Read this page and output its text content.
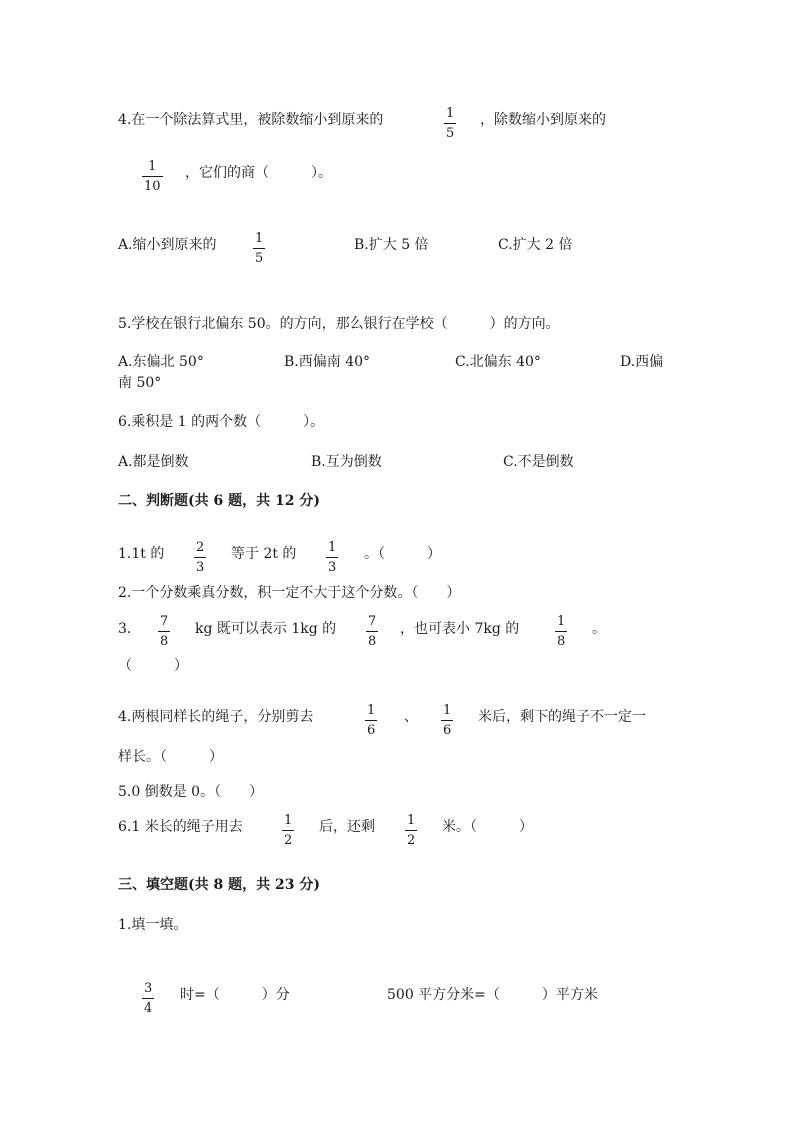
4.在一个除法算式里，被除数缩小到原来的	1
5
，除数缩小到原来的
1
10
，它们的商（　　　）。
A.缩小到原来的	1
5
B.扩大 5 倍	C.扩大 2 倍
5.学校在银行北偏东 50。的方向，那么银行在学校（　　　）的方向。
A.东偏北 50°	B.西偏南 40°	C.北偏东 40°	D.西偏
南 50°
6.乘积是 1 的两个数（　　　）。
A.都是倒数	B.互为倒数	C.不是倒数
二、判断题(共 6 题，共 12 分)
1.1t 的 2
3
等于 2t 的 1
3
。（　　　）
2.一个分数乘真分数，积一定不大于这个分数。（　　）
3. 7
8
kg 既可以表示 1kg 的 7
8
，也可表小 7kg 的	1
8
。
（　　　）
4.两根同样长的绳子，分别剪去	1
6
、 1
6
米后，剩下的绳子不一定一
样长。（　　　）
5.0 倒数是 0。（　　）
6.1 米长的绳子用去	1
2
后，还剩 1
2
米。（　　　）
三、填空题(共 8 题，共 23 分)
1.填一填。
3
4
时=（　　　）分	500 平方分米=（　　　）平方米
